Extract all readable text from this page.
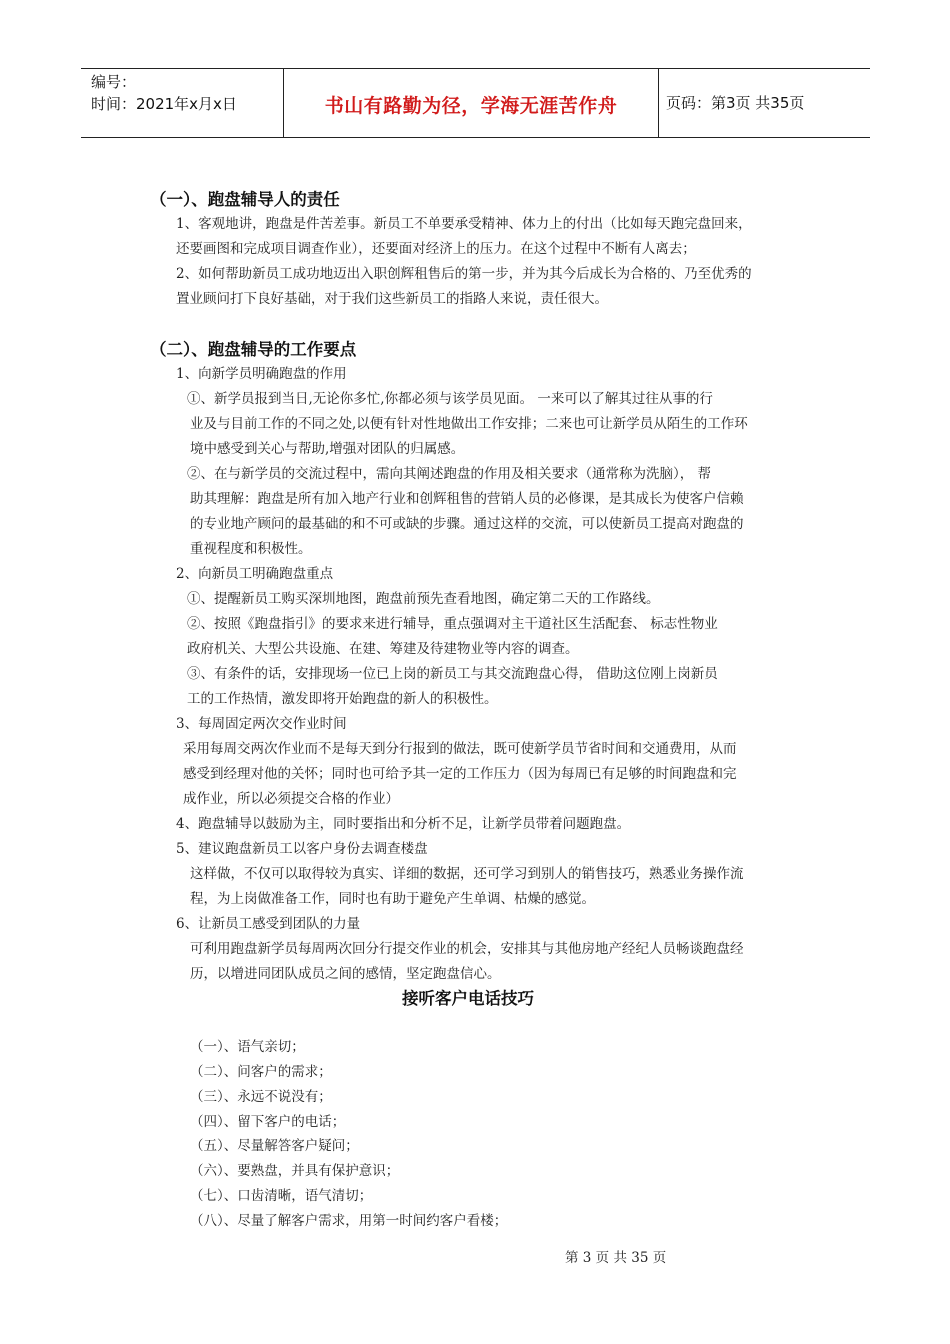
编号：
时间：2021年x月x日	书山有路勤为径，学海无涯苦作舟	页码：第3页 共35页
（一）、跑盘辅导人的责任
1、客观地讲，跑盘是件苦差事。新员工不单要承受精神、体力上的付出（比如每天跑完盘回来，
还要画图和完成项目调查作业），还要面对经济上的压力。在这个过程中不断有人离去；
2、如何帮助新员工成功地迈出入职创辉租售后的第一步，并为其今后成长为合格的、乃至优秀的
置业顾问打下良好基础，对于我们这些新员工的指路人来说，责任很大。
（二）、跑盘辅导的工作要点
1、向新学员明确跑盘的作用
①、新学员报到当日,无论你多忙,你都必须与该学员见面。 一来可以了解其过往从事的行
业及与目前工作的不同之处,以便有针对性地做出工作安排；二来也可让新学员从陌生的工作环
境中感受到关心与帮助,增强对团队的归属感。
②、在与新学员的交流过程中，需向其阐述跑盘的作用及相关要求（通常称为洗脑）， 帮
助其理解：跑盘是所有加入地产行业和创辉租售的营销人员的必修课，是其成长为使客户信赖
的专业地产顾问的最基础的和不可或缺的步骤。通过这样的交流，可以使新员工提高对跑盘的
重视程度和积极性。
2、向新员工明确跑盘重点
①、提醒新员工购买深圳地图，跑盘前预先查看地图，确定第二天的工作路线。
②、按照《跑盘指引》的要求来进行辅导，重点强调对主干道社区生活配套、 标志性物业
政府机关、大型公共设施、在建、筹建及待建物业等内容的调查。
③、有条件的话，安排现场一位已上岗的新员工与其交流跑盘心得， 借助这位刚上岗新员
工的工作热情，激发即将开始跑盘的新人的积极性。
3、每周固定两次交作业时间
采用每周交两次作业而不是每天到分行报到的做法，既可使新学员节省时间和交通费用，从而
感受到经理对他的关怀；同时也可给予其一定的工作压力（因为每周已有足够的时间跑盘和完
成作业，所以必须提交合格的作业）
4、跑盘辅导以鼓励为主，同时要指出和分析不足，让新学员带着问题跑盘。
5、建议跑盘新员工以客户身份去调查楼盘
这样做，不仅可以取得较为真实、详细的数据，还可学习到别人的销售技巧，熟悉业务操作流
程，为上岗做准备工作，同时也有助于避免产生单调、枯燥的感觉。
6、让新员工感受到团队的力量
可利用跑盘新学员每周两次回分行提交作业的机会，安排其与其他房地产经纪人员畅谈跑盘经
历，以增进同团队成员之间的感情，坚定跑盘信心。
接听客户电话技巧
（一）、语气亲切；
（二）、问客户的需求；
（三）、永远不说没有；
（四）、留下客户的电话；
（五）、尽量解答客户疑问；
（六）、要熟盘，并具有保护意识；
（七）、口齿清晰，语气清切；
（八）、尽量了解客户需求，用第一时间约客户看楼；
第 3 页 共 35 页
